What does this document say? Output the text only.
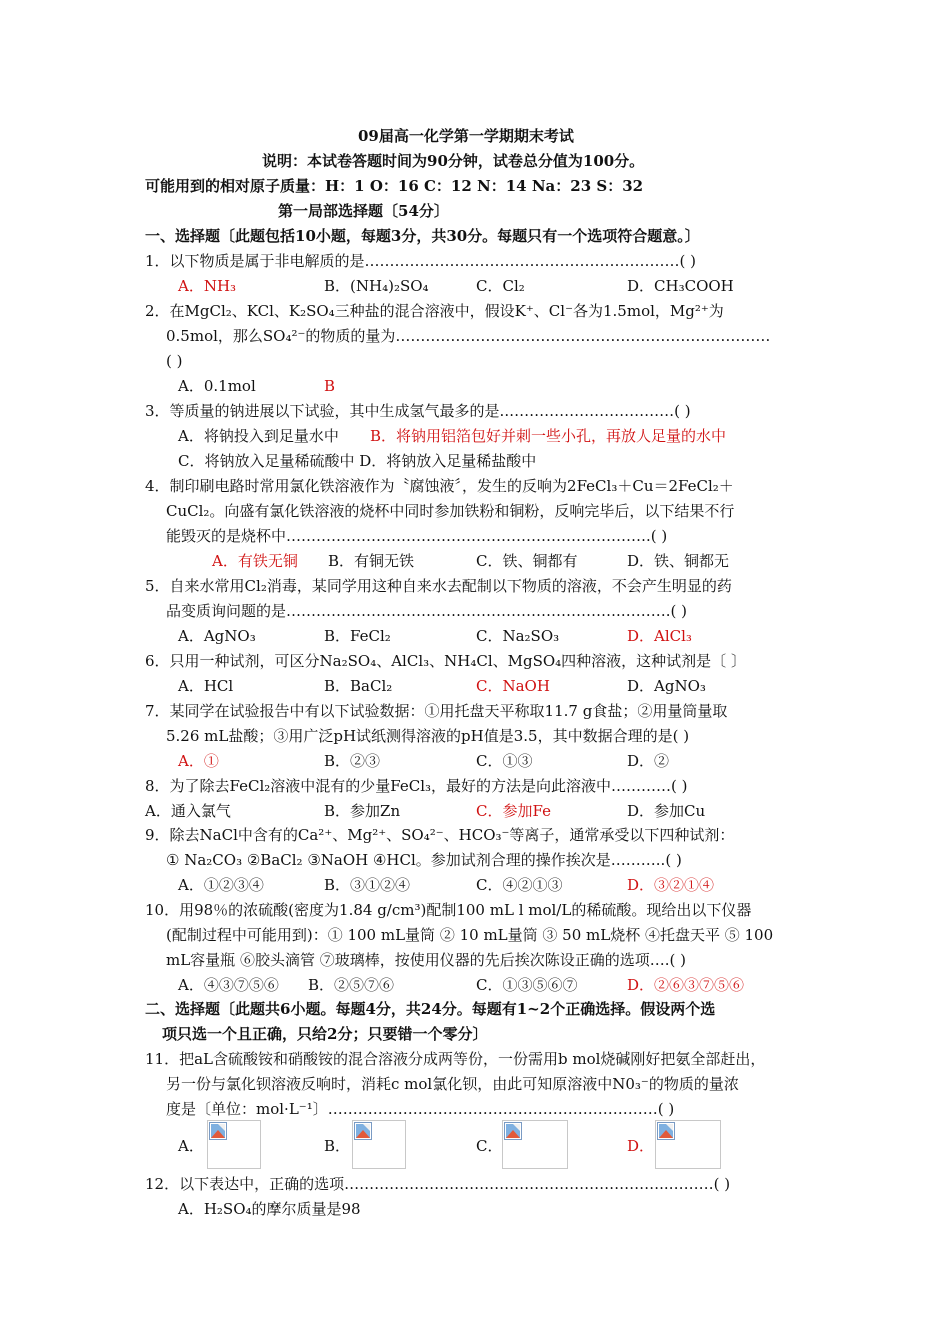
09届高一化学第一学期期末考试
说明：本试卷答题时间为90分钟，试卷总分值为100分。
可能用到的相对原子质量：H：1 O：16 C：12 N：14 Na：23 S：32
第一局部选择题〔54分〕
一、选择题〔此题包括10小题，每题3分，共30分。每题只有一个选项符合题意。〕
1．以下物质是属于非电解质的是………………………………………………………( )
A．NH₃	B．(NH₄)₂SO₄	C．Cl₂	D．CH₃COOH
2．在MgCl₂、KCl、K₂SO₄三种盐的混合溶液中，假设K⁺、Cl⁻各为1.5mol，Mg²⁺为
0.5mol，那么SO₄²⁻的物质的量为…………………………………………………………………
( )
A．0.1mol	B
3．等质量的钠进展以下试验，其中生成氢气最多的是..……………………………( )
A．将钠投入到足量水中 B．将钠用铝箔包好并刺一些小孔，再放人足量的水中
C．将钠放入足量稀硫酸中 D．将钠放入足量稀盐酸中
4．制印刷电路时常用氯化铁溶液作为〝腐蚀液〞，发生的反响为2FeCl₃＋Cu＝2FeCl₂＋
CuCl₂。向盛有氯化铁溶液的烧杯中同时参加铁粉和铜粉，反响完毕后，以下结果不行
能毁灭的是烧杯中……………………………………………………………….( )
A．有铁无铜 B．有铜无铁	C．铁、铜都有	D．铁、铜都无
5．自来水常用Cl₂消毒，某同学用这种自来水去配制以下物质的溶液，不会产生明显的药
品变质询问题的是………………………………………………………….……….( )
A．AgNO₃	B．FeCl₂	C．Na₂SO₃	D．AlCl₃
6．只用一种试剂，可区分Na₂SO₄、AlCl₃、NH₄Cl、MgSO₄四种溶液，这种试剂是〔 〕
A．HCl	B．BaCl₂	C．NaOH	D．AgNO₃
7．某同学在试验报告中有以下试验数据：①用托盘天平称取11.7 g食盐；②用量筒量取
5.26 mL盐酸；③用广泛pH试纸测得溶液的pH值是3.5，其中数据合理的是( )
A．①	B．②③	C．①③	D．②
8．为了除去FeCl₂溶液中混有的少量FeCl₃，最好的方法是向此溶液中…………( )
A．通入氯气	B．参加Zn	C．参加Fe	D．参加Cu
9．除去NaCl中含有的Ca²⁺、Mg²⁺、SO₄²⁻、HCO₃⁻等离子，通常承受以下四种试剂：
① Na₂CO₃ ②BaCl₂ ③NaOH ④HCl。参加试剂合理的操作挨次是………..( )
A．①②③④	B．③①②④	C．④②①③	D．③②①④
10．用98％的浓硫酸(密度为1.84 g/cm³)配制100 mL l mol/L的稀硫酸。现给出以下仪器
(配制过程中可能用到)：① 100 mL量筒 ② 10 mL量筒 ③ 50 mL烧杯 ④托盘天平 ⑤ 100
mL容量瓶 ⑥胶头滴管 ⑦玻璃棒，按使用仪器的先后挨次陈设正确的选项….( )
A．④③⑦⑤⑥ B．②⑤⑦⑥	C．①③⑤⑥⑦	D．②⑥③⑦⑤⑥
二、选择题〔此题共6小题。每题4分，共24分。每题有1~2个正确选择。假设两个选
项只选一个且正确，只给2分；只要错一个零分〕
11．把aL含硫酸铵和硝酸铵的混合溶液分成两等份，一份需用b mol烧碱刚好把氨全部赶出，
另一份与氯化钡溶液反响时，消耗c mol氯化钡，由此可知原溶液中N0₃⁻的物质的量浓
度是〔单位：mol·L⁻¹〕…………………………………………………………( )
A．	B．	C．	D．
12．以下表达中，正确的选项………………………………………………………..………( )
A．H₂SO₄的摩尔质量是98
